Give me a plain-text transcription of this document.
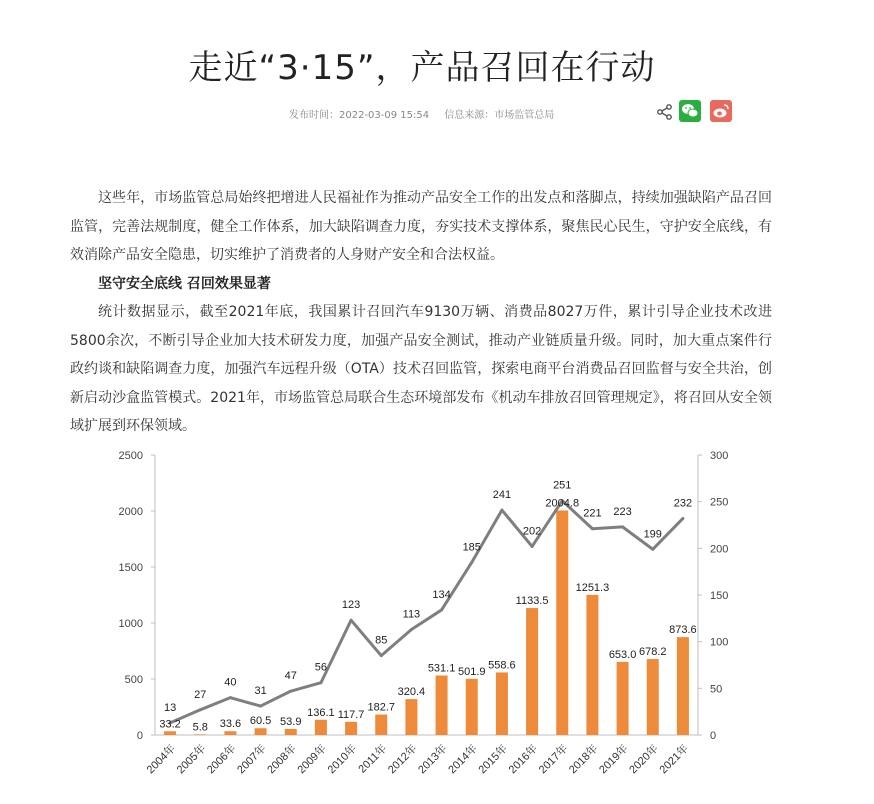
走近“3·15”，产品召回在行动
发布时间：2022-03-09 15:54 信息来源：市场监管总局

这些年，市场监管总局始终把增进人民福祉作为推动产品安全工作的出发点和落脚点，持续加强缺陷产品召回监管，完善法规制度，健全工作体系，加大缺陷调查力度，夯实技术支撑体系，聚焦民心民生，守护安全底线，有效消除产品安全隐患，切实维护了消费者的人身财产安全和合法权益。

坚守安全底线 召回效果显著

统计数据显示，截至2021年底，我国累计召回汽车9130万辆、消费品8027万件，累计引导企业技术改进5800余次，不断引导企业加大技术研发力度，加强产品安全测试，推动产业链质量升级。同时，加大重点案件行政约谈和缺陷调查力度，加强汽车远程升级（OTA）技术召回监管，探索电商平台消费品召回监督与安全共治，创新启动沙盒监管模式。2021年，市场监管总局联合生态环境部发布《机动车排放召回管理规定》，将召回从安全领域扩展到环保领域。

0
500
1000
1500
2000
2500
0
50
100
150
200
250
300
33.2 5.8 33.6 60.5 53.9
136.1 117.7
182.7
320.4
531.1 501.9
558.6
1133.5
2004.8
1251.3
653.0 678.2
873.6
13
27
40
31
47
56
123
85
113
134
185
241
202
251
221 223
199
232
2004年
2005年
2006年
2007年
2008年
2009年
2010年
2011年
2012年
2013年
2014年
2015年
2016年
2017年
2018年
2019年
2020年
2021年
